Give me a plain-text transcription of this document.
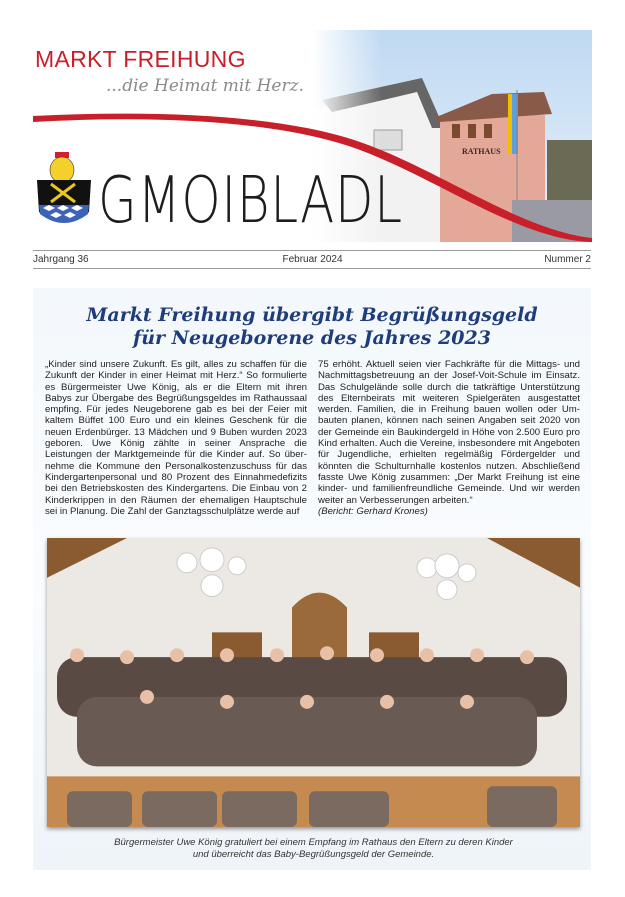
MARKT FREIHUNG
...die Heimat mit Herz.
RATHAUS
GMOIBLADL
Jahrgang 36	Februar 2024	Nummer 2
Markt Freihung übergibt Begrüßungsgeld
für Neugeborene des Jahres 2023

„Kinder sind unsere Zukunft. Es gilt, alles zu schaffen für die Zukunft der Kinder in einer Heimat mit Herz.“ So formulierte es Bürgermeister Uwe König, als er die Eltern mit ihren Babys zur Übergabe des Begrüßungsgeldes im Rathaussaal empfing. Für jedes Neugeborene gab es bei der Feier mit kaltem Büffet 100 Euro und ein kleines Geschenk für die neuen Erdenbürger. 13 Mädchen und 9 Buben wurden 2023 geboren. Uwe König zählte in seiner Ansprache die Leistungen der Marktgemeinde für die Kinder auf. So übernehme die Kommune den Personalkostenzuschuss für das Kindergartenpersonal und 80 Prozent des Einnahmedefizits bei den Betriebskosten des Kindergartens. Die Einbau von 2 Kinderkrippen in den Räumen der ehemaligen Hauptschule sei in Planung. Die Zahl der Ganztagsschulplätze werde auf

75 erhöht. Aktuell seien vier Fachkräfte für die Mittags- und Nachmittagsbetreuung an der Josef-Voit-Schule im Einsatz. Das Schulgelände solle durch die tatkräftige Unterstützung des Elternbeirats mit weiteren Spielgeräten ausgestattet werden. Familien, die in Freihung bauen wollen oder Umbauten planen, können nach seinen Angaben seit 2020 von der Gemeinde ein Baukindergeld in Höhe von 2.500 Euro pro Kind erhalten. Auch die Vereine, insbesondere mit Angeboten für Jugendliche, erhielten regelmäßig Fördergelder und könnten die Schulturnhalle kostenlos nutzen. Abschließend fasste Uwe König zusammen: „Der Markt Freihung ist eine kinder- und familienfreundliche Gemeinde. Und wir werden weiter an Verbesserungen arbeiten.“

(Bericht: Gerhard Krones)

Bürgermeister Uwe König gratuliert bei einem Empfang im Rathaus den Eltern zu deren Kinder
und überreicht das Baby-Begrüßungsgeld der Gemeinde.
